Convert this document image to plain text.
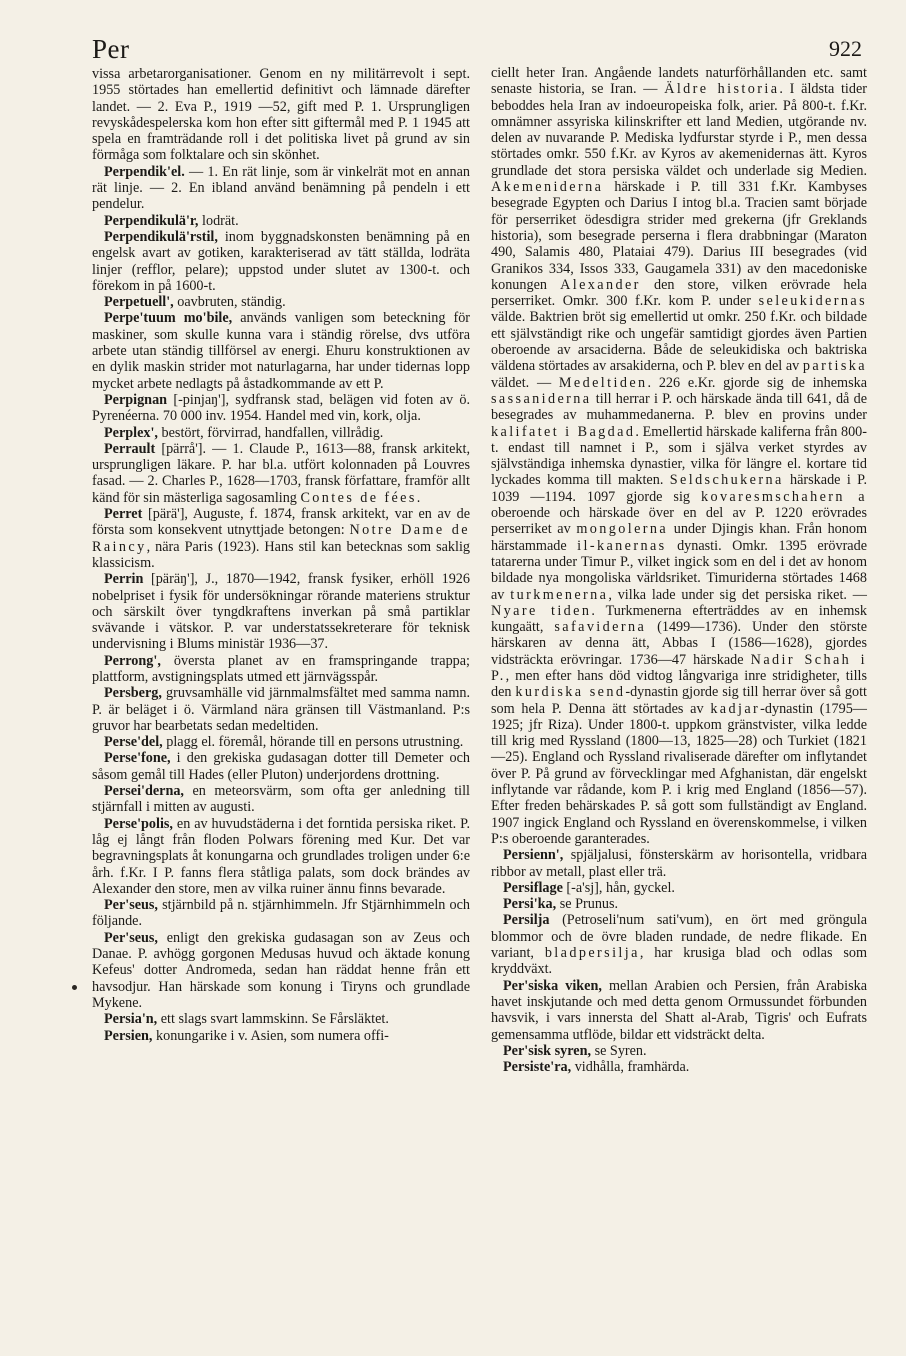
Per	922

vissa arbetarorganisationer. Genom en ny militärrevolt i sept. 1955 störtades han emellertid definitivt och lämnade därefter landet. — 2. Eva P., 1919 —52, gift med P. 1. Ursprungligen revyskådespelerska kom hon efter sitt giftermål med P. 1 1945 att spela en framträdande roll i det politiska livet på grund av sin förmåga som folktalare och sin skönhet.

Perpendik'el. — 1. En rät linje, som är vinkelrät mot en annan rät linje. — 2. En ibland använd benämning på pendeln i ett pendelur.

Perpendikulä'r, lodrät.

Perpendikulä'rstil, inom byggnadskonsten benämning på en engelsk avart av gotiken, karakteriserad av tätt ställda, lodräta linjer (refflor, pelare); uppstod under slutet av 1300-t. och förekom in på 1600-t.

Perpetuell', oavbruten, ständig.

Perpe'tuum mo'bile, används vanligen som beteckning för maskiner, som skulle kunna vara i ständig rörelse, dvs utföra arbete utan ständig tillförsel av energi. Ehuru konstruktionen av en dylik maskin strider mot naturlagarna, har under tidernas lopp mycket arbete nedlagts på åstadkommande av ett P.

Perpignan [-pinjaŋ'], sydfransk stad, belägen vid foten av ö. Pyrenéerna. 70 000 inv. 1954. Handel med vin, kork, olja.

Perplex', bestört, förvirrad, handfallen, villrådig.

Perrault [pärrå']. — 1. Claude P., 1613—88, fransk arkitekt, ursprungligen läkare. P. har bl.a. utfört kolonnaden på Louvres fasad. — 2. Charles P., 1628—1703, fransk författare, framför allt känd för sin mästerliga sagosamling Contes de fées.

Perret [pärä'], Auguste, f. 1874, fransk arkitekt, var en av de första som konsekvent utnyttjade betongen: Notre Dame de Raincy, nära Paris (1923). Hans stil kan betecknas som saklig klassicism.

Perrin [päräŋ'], J., 1870—1942, fransk fysiker, erhöll 1926 nobelpriset i fysik för undersökningar rörande materiens struktur och särskilt över tyngdkraftens inverkan på små partiklar svävande i vätskor. P. var understatssekreterare för teknisk undervisning i Blums ministär 1936—37.

Perrong', översta planet av en framspringande trappa; plattform, avstigningsplats utmed ett järnvägsspår.

Persberg, gruvsamhälle vid järnmalmsfältet med samma namn. P. är beläget i ö. Värmland nära gränsen till Västmanland. P:s gruvor har bearbetats sedan medeltiden.

Perse'del, plagg el. föremål, hörande till en persons utrustning.

Perse'fone, i den grekiska gudasagan dotter till Demeter och såsom gemål till Hades (eller Pluton) underjordens drottning.

Persei'derna, en meteorsvärm, som ofta ger anledning till stjärnfall i mitten av augusti.

Perse'polis, en av huvudstäderna i det forntida persiska riket. P. låg ej långt från floden Polwars förening med Kur. Det var begravningsplats åt konungarna och grundlades troligen under 6:e årh. f.Kr. I P. fanns flera ståtliga palats, som dock brändes av Alexander den store, men av vilka ruiner ännu finns bevarade.

Per'seus, stjärnbild på n. stjärnhimmeln. Jfr Stjärnhimmeln och följande.

Per'seus, enligt den grekiska gudasagan son av Zeus och Danae. P. avhögg gorgonen Medusas huvud och äktade konung Kefeus' dotter Andromeda, sedan han räddat henne från ett havsodjur. Han härskade som konung i Tiryns och grundlade Mykene.

Persia'n, ett slags svart lammskinn. Se Fårsläktet.

Persien, konungarike i v. Asien, som numera offi-

ciellt heter Iran. Angående landets naturförhållanden etc. samt senaste historia, se Iran. — Äldre historia. I äldsta tider beboddes hela Iran av indoeuropeiska folk, arier. På 800-t. f.Kr. omnämner assyriska kilinskrifter ett land Medien, utgörande nv. delen av nuvarande P. Mediska lydfurstar styrde i P., men dessa störtades omkr. 550 f.Kr. av Kyros av akemenidernas ätt. Kyros grundlade det stora persiska väldet och underlade sig Medien. Akemeniderna härskade i P. till 331 f.Kr. Kambyses besegrade Egypten och Darius I intog bl.a. Tracien samt började för perserriket ödesdigra strider med grekerna (jfr Greklands historia), som besegrade perserna i flera drabbningar (Maraton 490, Salamis 480, Plataiai 479). Darius III besegrades (vid Granikos 334, Issos 333, Gaugamela 331) av den macedoniske konungen Alexander den store, vilken erövrade hela perserriket. Omkr. 300 f.Kr. kom P. under seleukidernas välde. Baktrien bröt sig emellertid ut omkr. 250 f.Kr. och bildade ett självständigt rike och ungefär samtidigt gjordes även Partien oberoende av arsaciderna. Både de seleukidiska och baktriska väldena störtades av arsakiderna, och P. blev en del av partiska väldet. — Medeltiden. 226 e.Kr. gjorde sig de inhemska sassaniderna till herrar i P. och härskade ända till 641, då de besegrades av muhammedanerna. P. blev en provins under kalifatet i Bagdad. Emellertid härskade kaliferna från 800-t. endast till namnet i P., som i själva verket styrdes av självständiga inhemska dynastier, vilka för längre el. kortare tid lyckades komma till makten. Seldschukerna härskade i P. 1039 —1194. 1097 gjorde sig kovaresmschahern a oberoende och härskade över en del av P. 1220 erövrades perserriket av mongolerna under Djingis khan. Från honom härstammade il-kanernas dynasti. Omkr. 1395 erövrade tatarerna under Timur P., vilket ingick som en del i det av honom bildade nya mongoliska världsriket. Timuriderna störtades 1468 av turkmenerna, vilka lade under sig det persiska riket. — Nyare tiden. Turkmenerna efterträddes av en inhemsk kungaätt, safaviderna (1499—1736). Under den störste härskaren av denna ätt, Abbas I (1586—1628), gjordes vidsträckta erövringar. 1736—47 härskade Nadir Schah i P., men efter hans död vidtog långvariga inre stridigheter, tills den kurdiska send-dynastin gjorde sig till herrar över så gott som hela P. Denna ätt störtades av kadjar-dynastin (1795—1925; jfr Riza). Under 1800-t. uppkom gränstvister, vilka ledde till krig med Ryssland (1800—13, 1825—28) och Turkiet (1821—25). England och Ryssland rivaliserade därefter om inflytandet över P. På grund av förvecklingar med Afghanistan, där engelskt inflytande var rådande, kom P. i krig med England (1856—57). Efter freden behärskades P. så gott som fullständigt av England. 1907 ingick England och Ryssland en överenskommelse, i vilken P:s oberoende garanterades.

Persienn', spjäljalusi, fönsterskärm av horisontella, vridbara ribbor av metall, plast eller trä.

Persiflage [-a'sj], hån, gyckel.

Persi'ka, se Prunus.

Persilja (Petroseli'num sati'vum), en ört med gröngula blommor och de övre bladen rundade, de nedre flikade. En variant, bladpersilja, har krusiga blad och odlas som kryddväxt.

Per'siska viken, mellan Arabien och Persien, från Arabiska havet inskjutande och med detta genom Ormussundet förbunden havsvik, i vars innersta del Shatt al-Arab, Tigris' och Eufrats gemensamma utflöde, bildar ett vidsträckt delta.

Per'sisk syren, se Syren.

Persiste'ra, vidhålla, framhärda.
